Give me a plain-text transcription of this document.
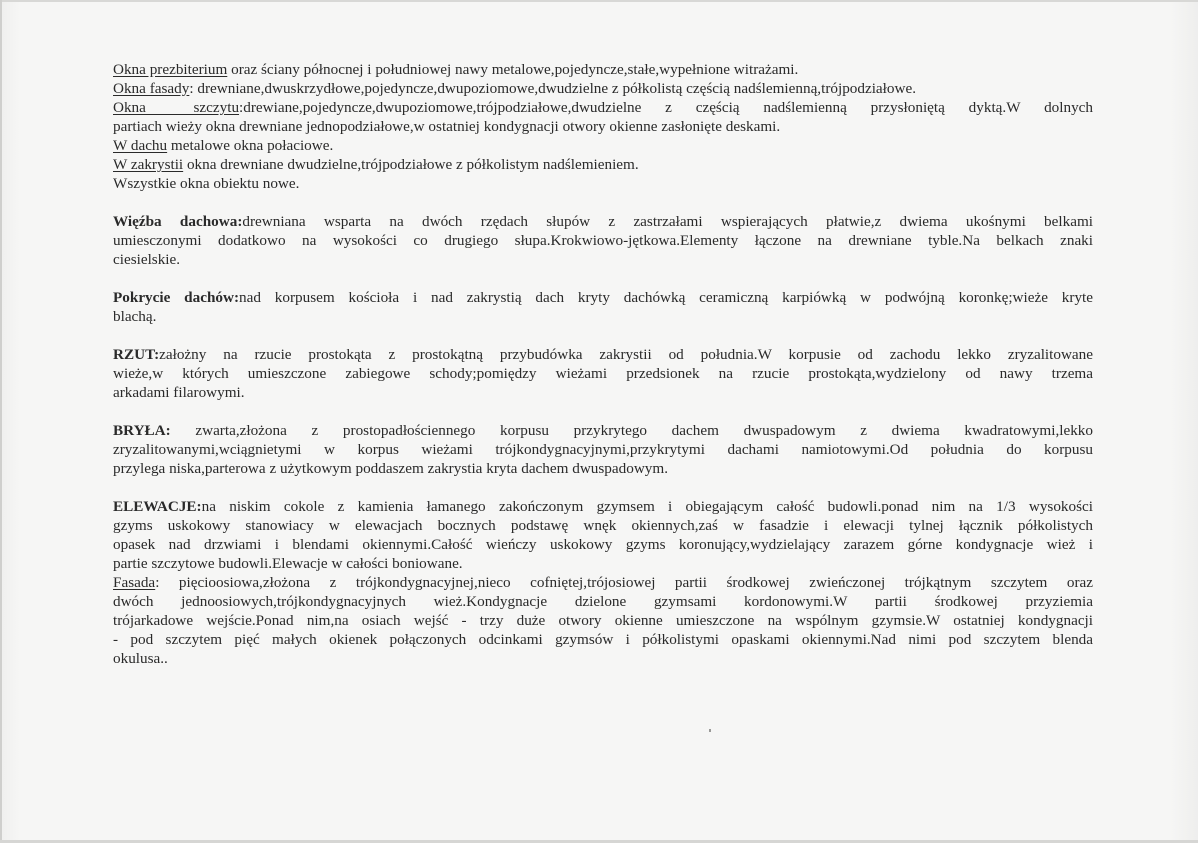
Okna prezbiterium oraz ściany północnej i południowej nawy metalowe,pojedyncze,stałe,wypełnione witrażami.
Okna fasady: drewniane,dwuskrzydłowe,pojedyncze,dwupoziomowe,dwudzielne z półkolistą częścią nadślemienną,trójpodziałowe.
Okna  szczytu:drewiane,pojedyncze,dwupoziomowe,trójpodziałowe,dwudzielne z częścią nadślemienną przysłoniętą dyktą.W dolnych
partiach wieży okna drewniane jednopodziałowe,w ostatniej kondygnacji otwory okienne zasłonięte deskami.
W dachu metalowe okna połaciowe.
W zakrystii okna drewniane dwudzielne,trójpodziałowe z półkolistym nadślemieniem.
Wszystkie okna obiektu nowe.
Więźba dachowa:drewniana wsparta na dwóch rzędach słupów z zastrzałami wspierających płatwie,z dwiema ukośnymi belkami
umiesczonymi dodatkowo na wysokości co drugiego słupa.Krokwiowo-jętkowa.Elementy łączone na drewniane tyble.Na belkach znaki
ciesielskie.
Pokrycie dachów:nad korpusem kościoła i nad zakrystią dach kryty dachówką ceramiczną karpiówką w podwójną koronkę;wieże kryte
blachą.
RZUT:założny na rzucie prostokąta z prostokątną przybudówka zakrystii od południa.W korpusie od zachodu lekko zryzalitowane
wieże,w których umieszczone zabiegowe schody;pomiędzy wieżami przedsionek na rzucie prostokąta,wydzielony od nawy trzema
arkadami filarowymi.
BRYŁA: zwarta,złożona z prostopadłościennego korpusu przykrytego dachem dwuspadowym z dwiema kwadratowymi,lekko
zryzalitowanymi,wciągnietymi w korpus wieżami trójkondygnacyjnymi,przykrytymi dachami namiotowymi.Od południa do korpusu
przylega niska,parterowa z użytkowym poddaszem zakrystia kryta dachem dwuspadowym.
ELEWACJE:na niskim cokole z kamienia łamanego zakończonym gzymsem i obiegającym całość budowli.ponad nim na 1/3 wysokości
gzyms uskokowy stanowiacy w elewacjach bocznych podstawę wnęk okiennych,zaś w fasadzie i elewacji tylnej łącznik półkolistych
opasek nad drzwiami i blendami okiennymi.Całość wieńczy uskokowy gzyms koronujący,wydzielający zarazem górne kondygnacje wież i
partie szczytowe budowli.Elewacje w całości boniowane.
Fasada: pięcioosiowa,złożona z trójkondygnacyjnej,nieco cofniętej,trójosiowej partii środkowej zwieńczonej trójkątnym szczytem oraz
dwóch jednoosiowych,trójkondygnacyjnych wież.Kondygnacje dzielone gzymsami kordonowymi.W partii środkowej przyziemia
trójarkadowe wejście.Ponad nim,na osiach wejść - trzy duże otwory okienne umieszczone na wspólnym gzymsie.W ostatniej kondygnacji
- pod szczytem pięć małych okienek połączonych odcinkami gzymsów i półkolistymi opaskami okiennymi.Nad nimi pod szczytem blenda
okulusa..
